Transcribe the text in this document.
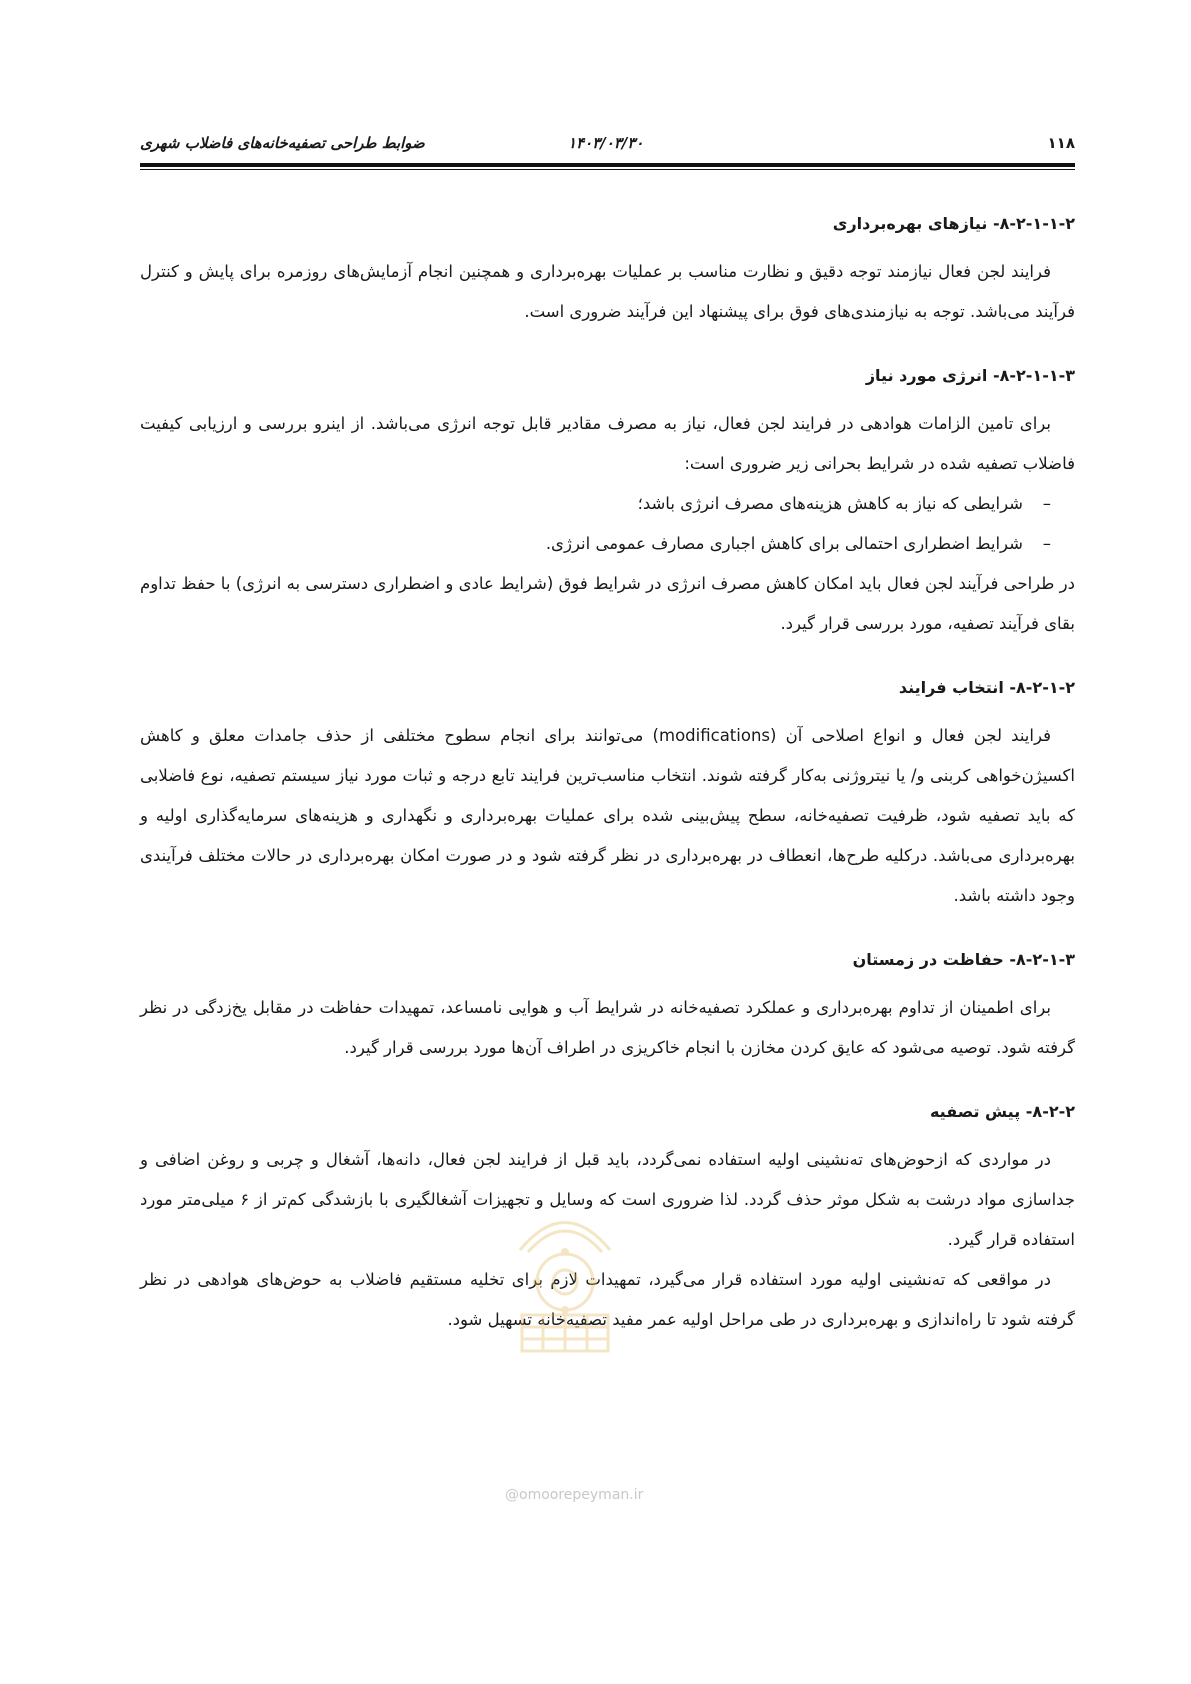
ضوابط طراحی تصفیه‌خانه‌های فاضلاب شهری	۱۴۰۳/۰۳/۳۰	۱۱۸
۸-۲-۱-۱-۲- نیازهای بهره‌برداری

فرایند لجن فعال نیازمند توجه دقیق و نظارت مناسب بر عملیات بهره‌برداری و همچنین انجام آزمایش‌های روزمره برای پایش و کنترل فرآیند می‌باشد. توجه به نیازمندی‌های فوق برای پیشنهاد این فرآیند ضروری است.

۸-۲-۱-۱-۳- انرژی مورد نیاز

برای تامین الزامات هوادهی در فرایند لجن فعال، نیاز به مصرف مقادیر قابل توجه انرژی می‌باشد. از اینرو بررسی و ارزیابی کیفیت فاضلاب تصفیه شده در شرایط بحرانی زیر ضروری است:

–شرایطی که نیاز به کاهش هزینه‌های مصرف انرژی باشد؛
–شرایط اضطراری احتمالی برای کاهش اجباری مصارف عمومی انرژی.

در طراحی فرآیند لجن فعال باید امکان کاهش مصرف انرژی در شرایط فوق (شرایط عادی و اضطراری دسترسی به انرژی) با حفظ تداوم بقای فرآیند تصفیه، مورد بررسی قرار گیرد.

۸-۲-۱-۲- انتخاب فرایند

فرایند لجن فعال و انواع اصلاحی آن (modifications) می‌توانند برای انجام سطوح مختلفی از حذف جامدات معلق و کاهش اکسیژن‌خواهی کربنی و/ یا نیتروژنی به‌کار گرفته شوند. انتخاب مناسب‌ترین فرایند تابع درجه و ثبات مورد نیاز سیستم تصفیه، نوع فاضلابی که باید تصفیه شود، ظرفیت تصفیه‌خانه، سطح پیش‌بینی شده برای عملیات بهره‌برداری و نگهداری و هزینه‌های سرمایه‌گذاری اولیه و بهره‌برداری می‌باشد. درکلیه طرح‌ها، انعطاف در بهره‌برداری در نظر گرفته شود و در صورت امکان بهره‌برداری در حالات مختلف فرآیندی وجود داشته باشد.

۸-۲-۱-۳- حفاظت در زمستان

برای اطمینان از تداوم بهره‌برداری و عملکرد تصفیه‌خانه در شرایط آب و هوایی نامساعد، تمهیدات حفاظت در مقابل یخ‌زدگی در نظر گرفته شود. توصیه می‌شود که عایق کردن مخازن با انجام خاکریزی در اطراف آن‌ها مورد بررسی قرار گیرد.

۸-۲-۲- پیش تصفیه

در مواردی که ازحوض‌های ته‌نشینی اولیه استفاده نمی‌گردد، باید قبل از فرایند لجن فعال، دانه‌ها، آشغال و چربی و روغن اضافی و جداسازی مواد درشت به شکل موثر حذف گردد. لذا ضروری است که وسایل و تجهیزات آشغالگیری با بازشدگی کم‌تر از ۶ میلی‌متر مورد استفاده قرار گیرد.

در مواقعی که ته‌نشینی اولیه مورد استفاده قرار می‌گیرد، تمهیدات لازم برای تخلیه مستقیم فاضلاب به حوض‌های هوادهی در نظر گرفته شود تا راه‌اندازی و بهره‌برداری در طی مراحل اولیه عمر مفید تصفیه‌خانه تسهیل شود.

@omoorepeyman.ir
